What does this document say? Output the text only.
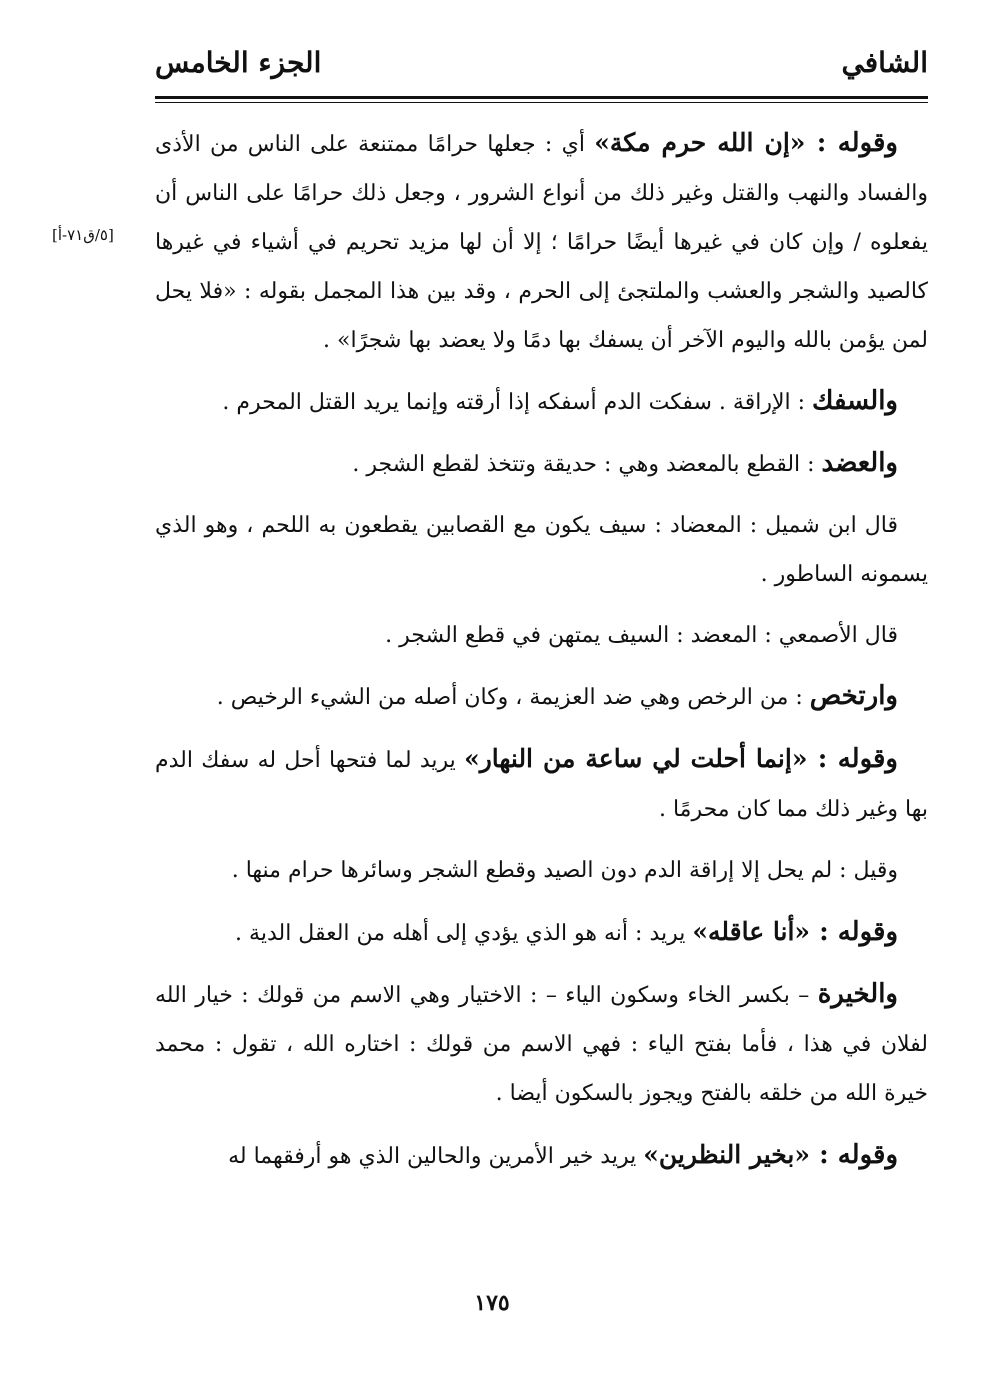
الشافي
الجزء الخامس
[٥/ق٧١-أ]

وقوله : «إن الله حرم مكة» أي : جعلها حرامًا ممتنعة على الناس من الأذى والفساد والنهب والقتل وغير ذلك من أنواع الشرور ، وجعل ذلك حرامًا على الناس أن يفعلوه / وإن كان في غيرها أيضًا حرامًا ؛ إلا أن لها مزيد تحريم في أشياء في غيرها كالصيد والشجر والعشب والملتجئ إلى الحرم ، وقد بين هذا المجمل بقوله : «فلا يحل لمن يؤمن بالله واليوم الآخر أن يسفك بها دمًا ولا يعضد بها شجرًا» .

والسفك : الإراقة . سفكت الدم أسفكه إذا أرقته وإنما يريد القتل المحرم .

والعضد : القطع بالمعضد وهي : حديقة وتتخذ لقطع الشجر .

قال ابن شميل : المعضاد : سيف يكون مع القصابين يقطعون به اللحم ، وهو الذي يسمونه الساطور .

قال الأصمعي : المعضد : السيف يمتهن في قطع الشجر .

وارتخص : من الرخص وهي ضد العزيمة ، وكان أصله من الشيء الرخيص .

وقوله : «إنما أحلت لي ساعة من النهار» يريد لما فتحها أحل له سفك الدم بها وغير ذلك مما كان محرمًا .

وقيل : لم يحل إلا إراقة الدم دون الصيد وقطع الشجر وسائرها حرام منها .

وقوله : «أنا عاقله» يريد : أنه هو الذي يؤدي إلى أهله من العقل الدية .

والخيرة – بكسر الخاء وسكون الياء – : الاختيار وهي الاسم من قولك : خيار الله لفلان في هذا ، فأما بفتح الياء : فهي الاسم من قولك : اختاره الله ، تقول : محمد خيرة الله من خلقه بالفتح ويجوز بالسكون أيضا .

وقوله : «بخير النظرين» يريد خير الأمرين والحالين الذي هو أرفقهما له

١٧٥
